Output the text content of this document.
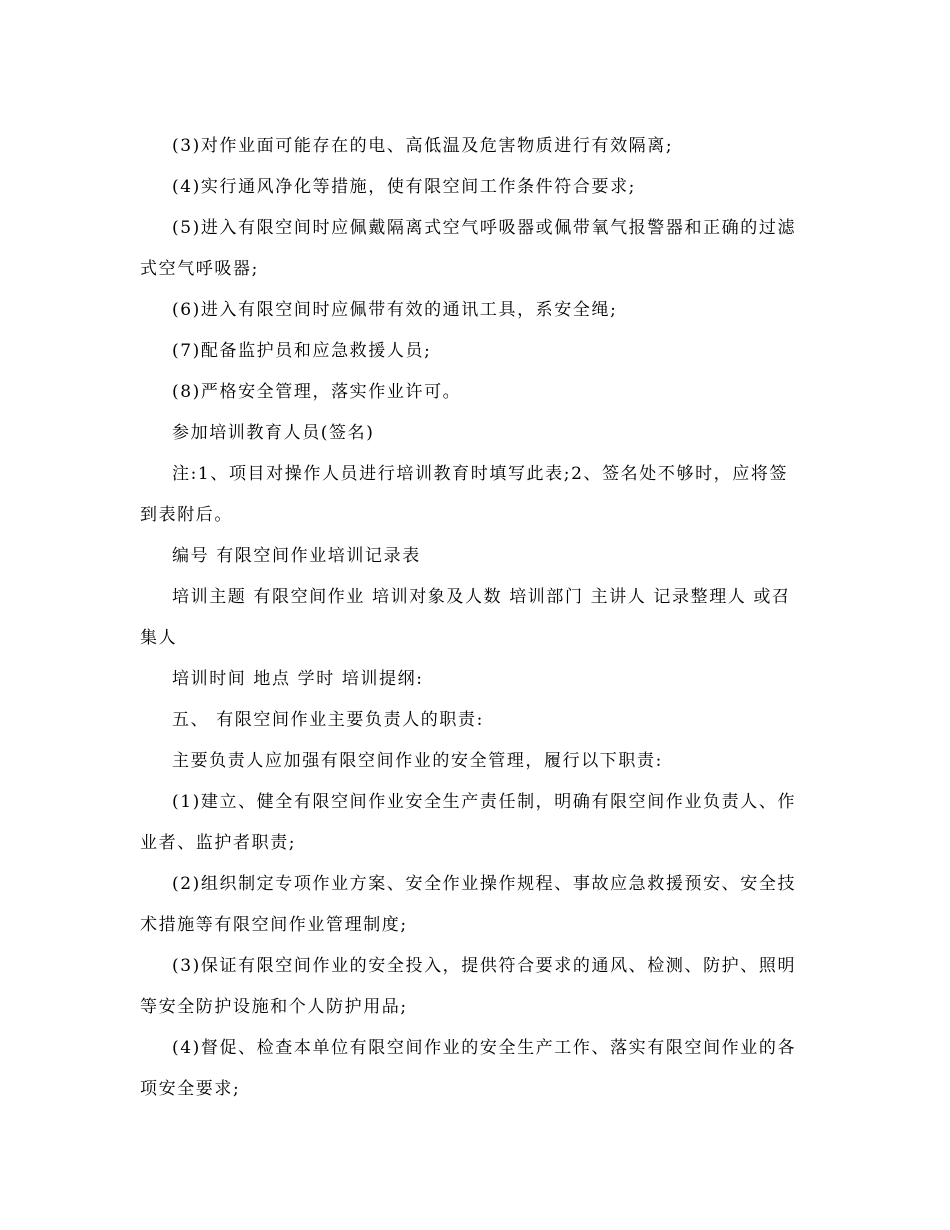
(3)对作业面可能存在的电、高低温及危害物质进行有效隔离;

(4)实行通风净化等措施，使有限空间工作条件符合要求;

(5)进入有限空间时应佩戴隔离式空气呼吸器或佩带氧气报警器和正确的过滤式空气呼吸器;

(6)进入有限空间时应佩带有效的通讯工具，系安全绳;

(7)配备监护员和应急救援人员;

(8)严格安全管理，落实作业许可。

参加培训教育人员(签名)

注:1、项目对操作人员进行培训教育时填写此表;2、签名处不够时，应将签到表附后。

编号 有限空间作业培训记录表

培训主题 有限空间作业 培训对象及人数 培训部门 主讲人 记录整理人 或召集人

培训时间 地点 学时 培训提纲:

五、 有限空间作业主要负责人的职责:

主要负责人应加强有限空间作业的安全管理，履行以下职责:

(1)建立、健全有限空间作业安全生产责任制，明确有限空间作业负责人、作业者、监护者职责;

(2)组织制定专项作业方案、安全作业操作规程、事故应急救援预安、安全技术措施等有限空间作业管理制度;

(3)保证有限空间作业的安全投入，提供符合要求的通风、检测、防护、照明等安全防护设施和个人防护用品;

(4)督促、检查本单位有限空间作业的安全生产工作、落实有限空间作业的各项安全要求;
